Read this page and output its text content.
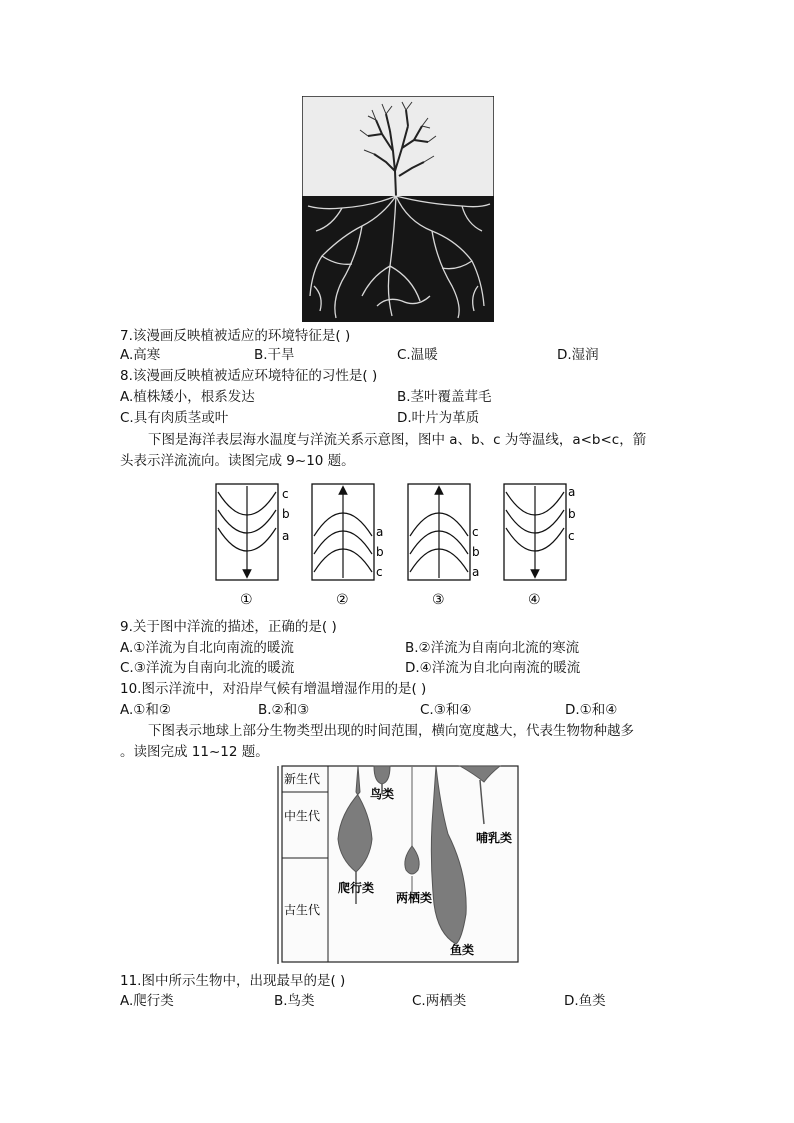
7.该漫画反映植被适应的环境特征是( )
A.高寒	B.干旱	C.温暖	D.湿润
8.该漫画反映植被适应环境特征的习性是( )
A.植株矮小，根系发达	B.茎叶覆盖茸毛
C.具有肉质茎或叶	D.叶片为革质
下图是海洋表层海水温度与洋流关系示意图，图中 a、b、c 为等温线，a<b<c，箭
头表示洋流流向。读图完成 9~10 题。
c
b
a
①
a
b
c
②
c
b
a
③
a
b
c
④
9.关于图中洋流的描述，正确的是( )
A.①洋流为自北向南流的暖流	B.②洋流为自南向北流的寒流
C.③洋流为自南向北流的暖流	D.④洋流为自北向南流的暖流
10.图示洋流中，对沿岸气候有增温增湿作用的是( )
A.①和②	B.②和③	C.③和④	D.①和④
下图表示地球上部分生物类型出现的时间范围，横向宽度越大，代表生物物种越多
。读图完成 11~12 题。
新生代
中生代
古生代
鸟类
爬行类
两栖类
鱼类
哺乳类
11.图中所示生物中，出现最早的是( )
A.爬行类	B.鸟类	C.两栖类	D.鱼类
